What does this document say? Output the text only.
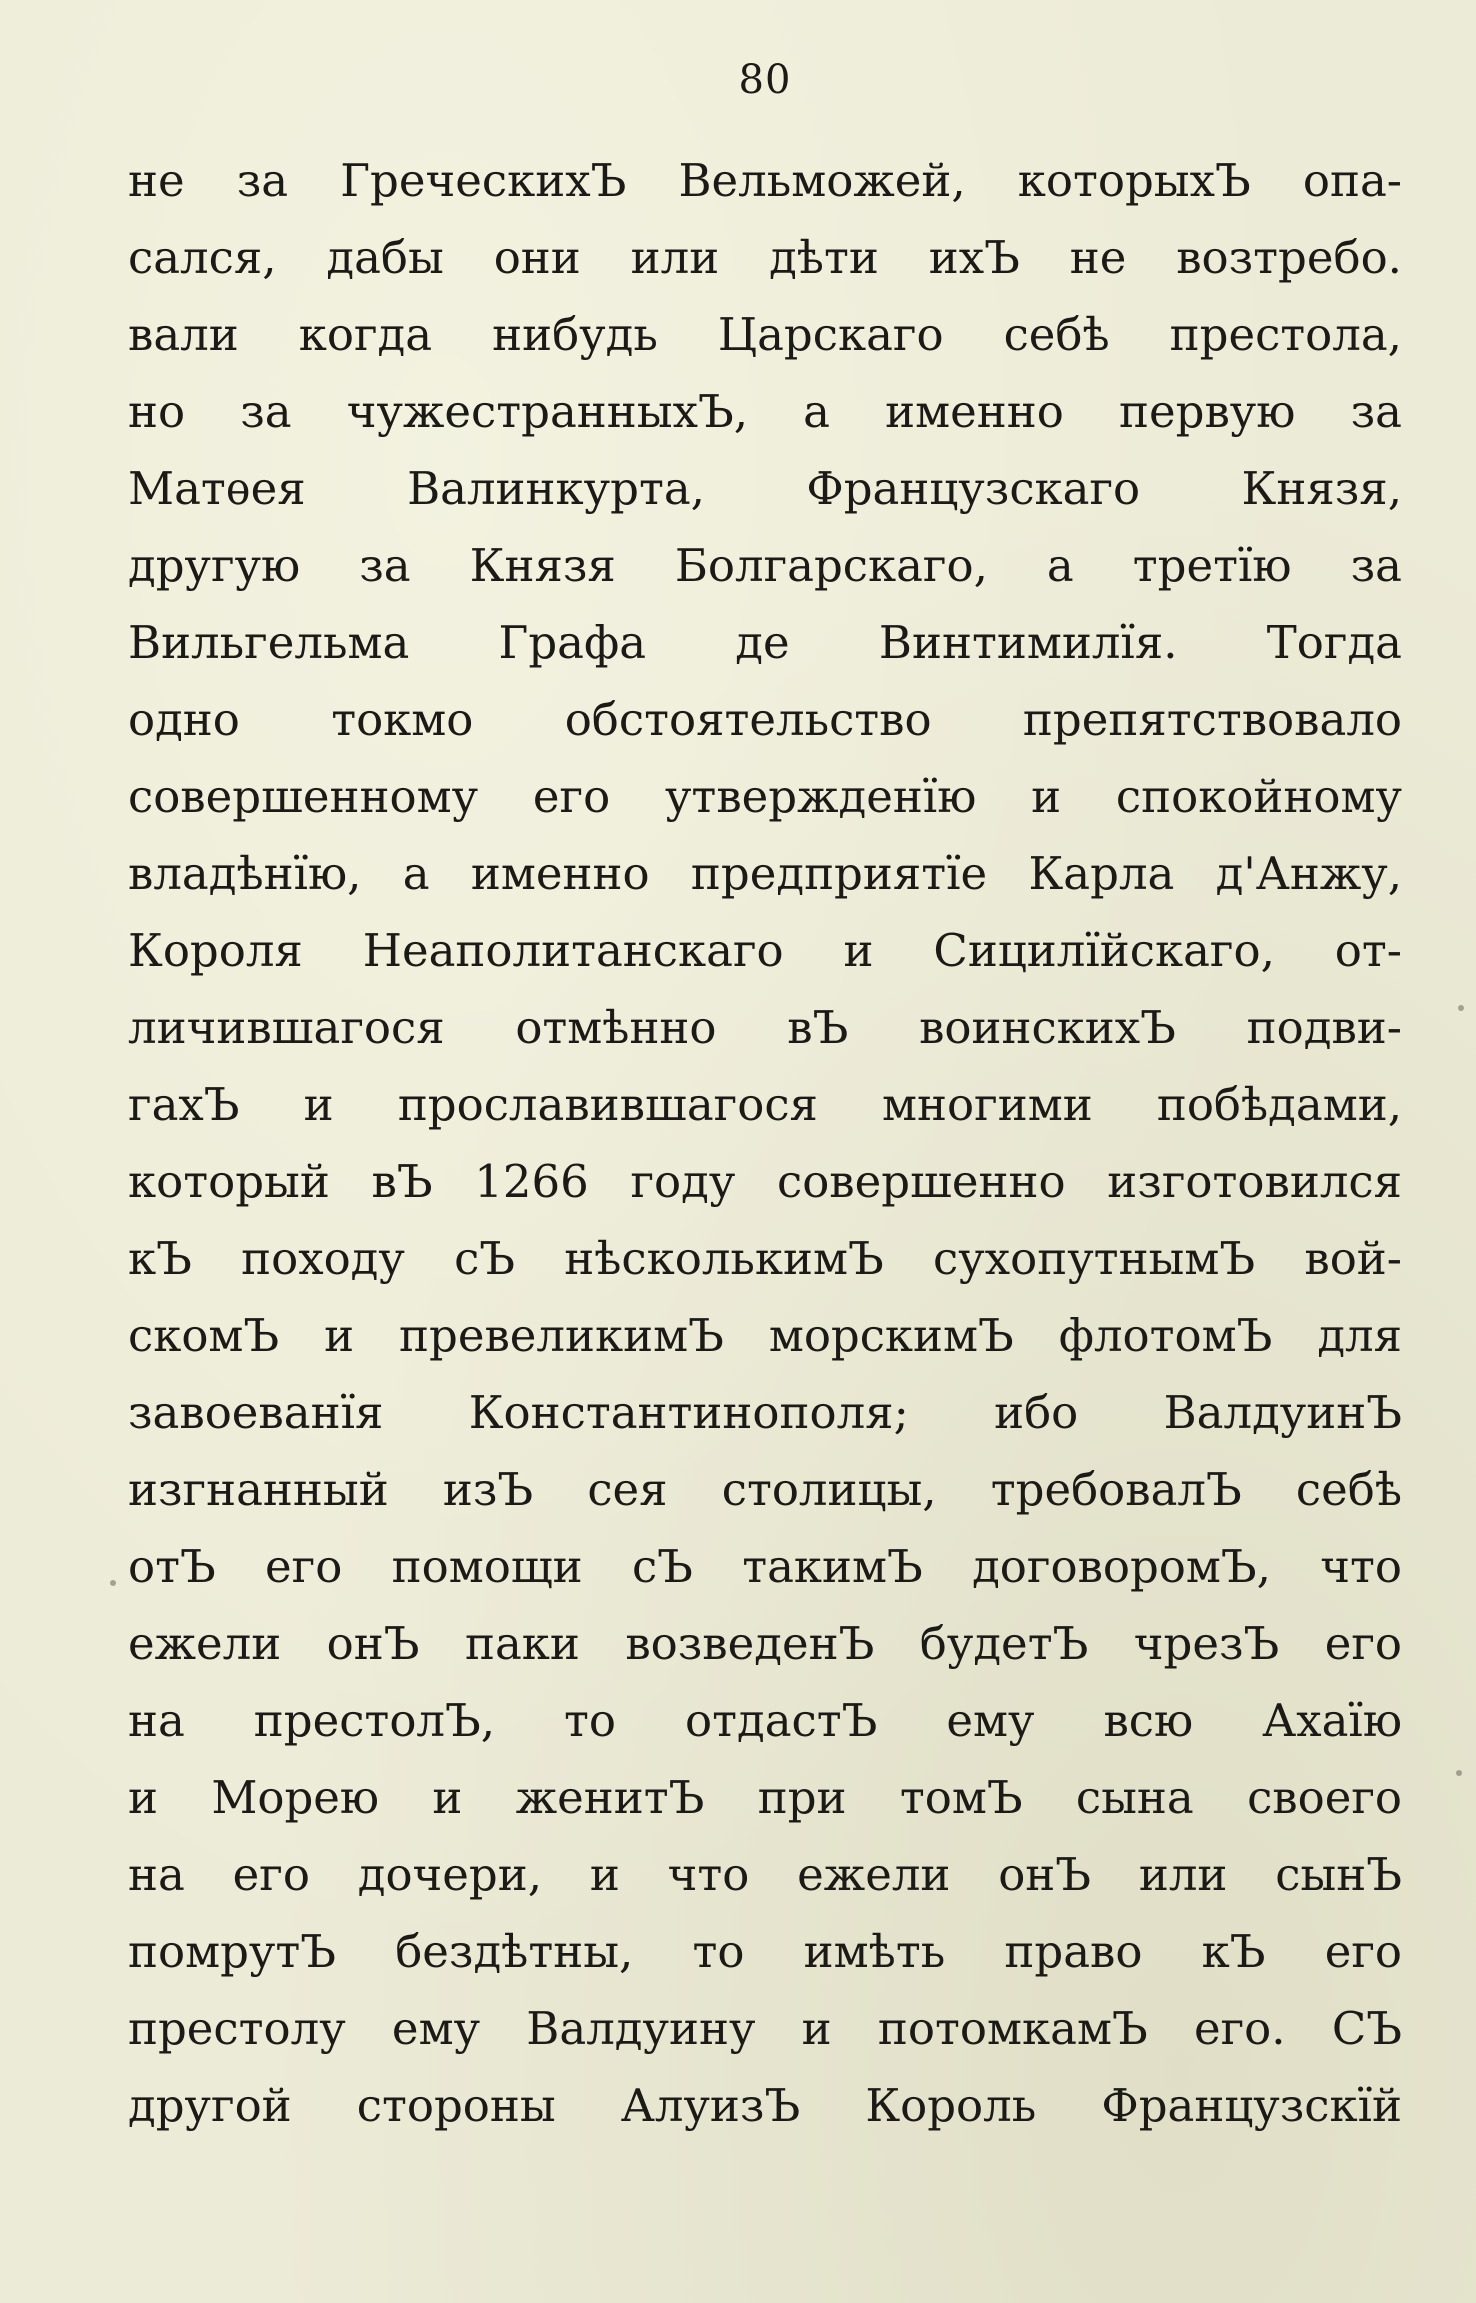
80
не за ГреческихЪ Вельможей, которыхЪ опа-
сался, дабы они или дѣти ихЪ не возтребо.
вали когда нибудь Царскаго себѣ престола,
но за чужестранныхЪ, а именно первую за
Матѳея Валинкурта, Французскаго Князя,
другую за Князя Болгарскаго, а третїю за
Вильгельма Графа де Винтимилїя. Тогда
одно токмо обстоятельство препятствовало
совершенному его утвержденїю и спокойному
владѣнїю, а именно предприятїе Карла д'Анжу,
Короля Неаполитанскаго и Сицилїйскаго, от-
личившагося отмѣнно вЪ воинскихЪ подви-
гахЪ и прославившагося многими побѣдами,
который вЪ 1266 году совершенно изготовился
кЪ походу сЪ нѣсколькимЪ сухопутнымЪ вой-
скомЪ и превеликимЪ морскимЪ флотомЪ для
завоеванїя Константинополя; ибо ВалдуинЪ
изгнанный изЪ сея столицы, требовалЪ себѣ
отЪ его помощи сЪ такимЪ договоромЪ, что
ежели онЪ паки возведенЪ будетЪ чрезЪ его
на престолЪ, то отдастЪ ему всю Ахаїю
и Морею и женитЪ при томЪ сына своего
на его дочери, и что ежели онЪ или сынЪ
помрутЪ бездѣтны, то имѣть право кЪ его
престолу ему Валдуину и потомкамЪ его. СЪ
другой стороны АлуизЪ Король Французскїй
